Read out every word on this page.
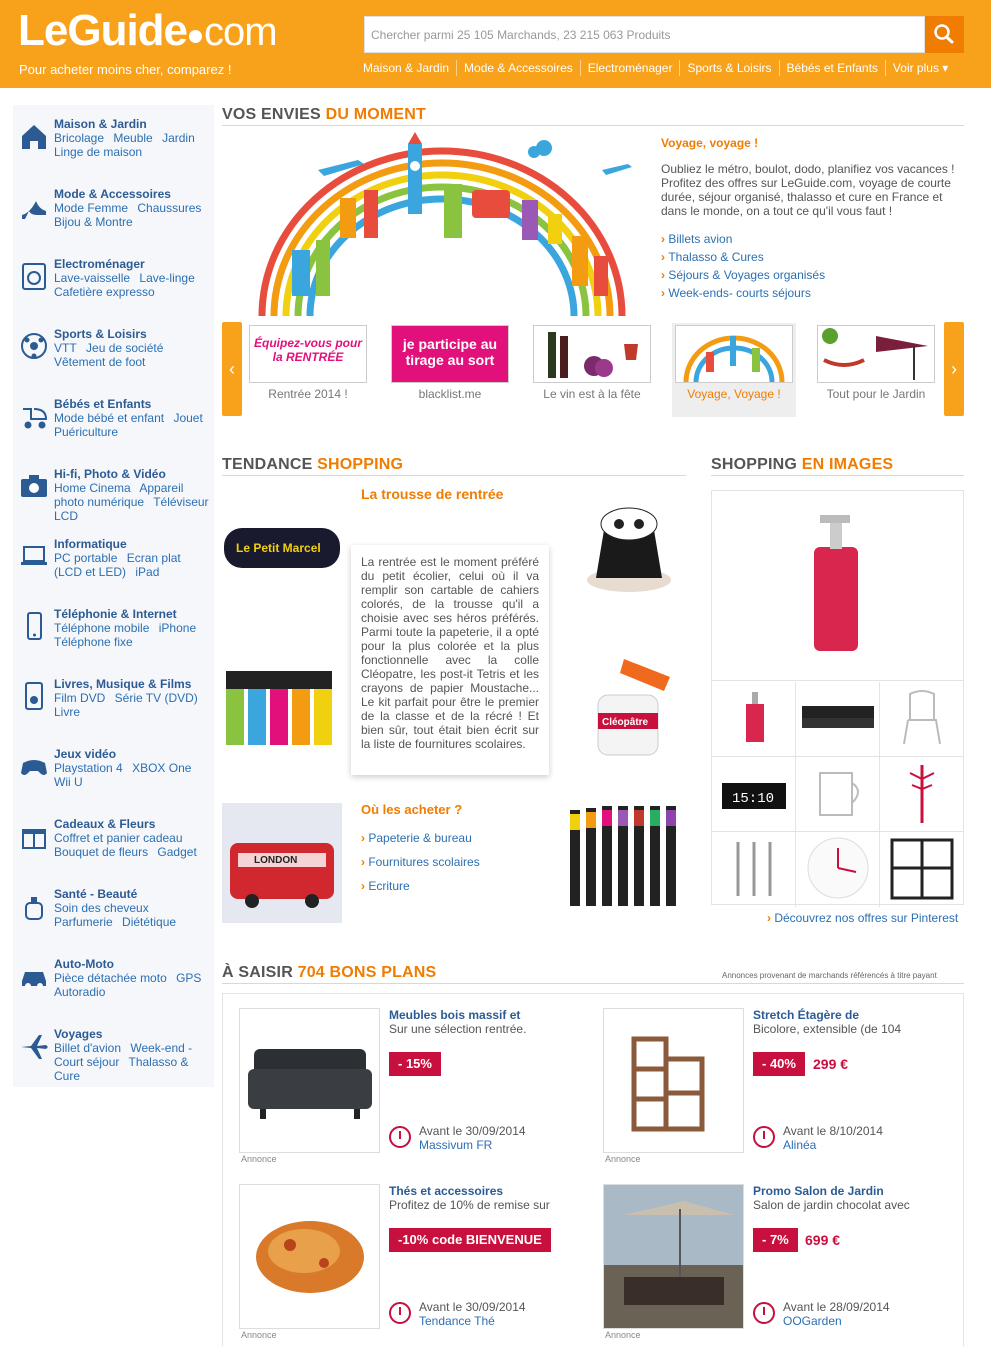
LeGuide com
Pour acheter moins cher, comparez !
Chercher parmi 25 105 Marchands, 23 215 063 Produits
Maison & Jardin	Mode & Accessoires	Electroménager	Sports & Loisirs	Bébés et Enfants	Voir plus ▾
Maison & Jardin
Bricolage Meuble Jardin Linge de maison
Mode & Accessoires
Mode Femme Chaussures Bijou & Montre
Electroménager
Lave-vaisselle Lave-linge Cafetière expresso
Sports & Loisirs
VTT Jeu de société Vêtement de foot
Bébés et Enfants
Mode bébé et enfant Jouet Puériculture
Hi-fi, Photo & Vidéo
Home Cinema Appareil photo numérique Téléviseur LCD
Informatique
PC portable Ecran plat (LCD et LED) iPad
Téléphonie & Internet
Téléphone mobile iPhone Téléphone fixe
Livres, Musique & Films
Film DVD Série TV (DVD) Livre
Jeux vidéo
Playstation 4 XBOX One Wii U
Cadeaux & Fleurs
Coffret et panier cadeau Bouquet de fleurs Gadget
Santé - Beauté
Soin des cheveux Parfumerie Diététique
Auto-Moto
Pièce détachée moto GPS Autoradio
Voyages
Billet d'avion Week-end - Court séjour Thalasso & Cure
VOS ENVIES DU MOMENT
Voyage, voyage !

Oubliez le métro, boulot, dodo, planifiez vos vacances ! Profitez des offres sur LeGuide.com, voyage de courte durée, séjour organisé, thalasso et cure en France et dans le monde, on a tout ce qu'il vous faut !

› Billets avion
› Thalasso & Cures
› Séjours & Voyages organisés
› Week-ends- courts séjours
‹	›
Équipez-vous pour la RENTRÉE
Rentrée 2014 !
je participe au tirage au sort
blacklist.me	Le vin est à la fête	Voyage, Voyage !	Tout pour le Jardin
TENDANCE SHOPPING
La trousse de rentrée
Le Petit Marcel
LONDON
La rentrée est le moment préféré du petit écolier, celui où il va remplir son cartable de cahiers colorés, de la trousse qu'il a choisie avec ses héros préférés. Parmi toute la papeterie, il a opté pour la plus colorée et la plus fonctionnelle avec la colle Cléopatre, les post-it Tetris et les crayons de papier Moustache... Le kit parfait pour être le premier de la classe et de la récré ! Et bien sûr, tout était bien écrit sur la liste de fournitures scolaires.
Cléopâtre
Où les acheter ?
› Papeterie & bureau
› Fournitures scolaires
› Ecriture
SHOPPING EN IMAGES
15:10
› Découvrez nos offres sur Pinterest
À SAISIR 704 BONS PLANS	Annonces provenant de marchands référencés à titre payant
Annonce
Meubles bois massif et
Sur une sélection rentrée.
- 15%
Avant le 30/09/2014
Massivum FR
Annonce
Stretch Étagère de
Bicolore, extensible (de 104
- 40%	299 €
Avant le 8/10/2014
Alinéa
Annonce
Thés et accessoires
Profitez de 10% de remise sur
-10% code BIENVENUE
Avant le 30/09/2014
Tendance Thé
Annonce
Promo Salon de Jardin
Salon de jardin chocolat avec
- 7%	699 €
Avant le 28/09/2014
OOGarden
